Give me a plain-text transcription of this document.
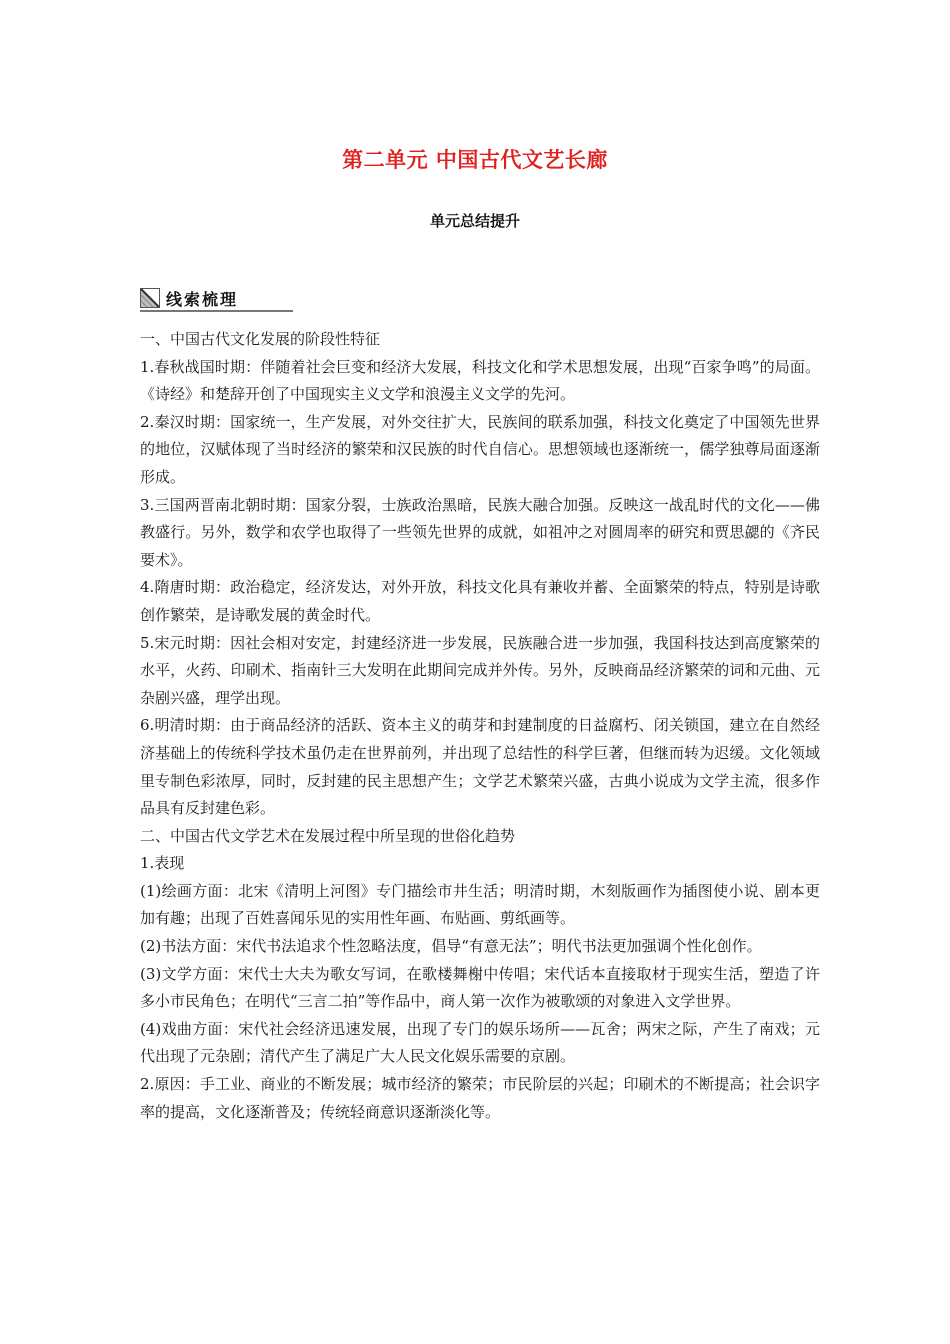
第二单元 中国古代文艺长廊
单元总结提升
线索梳理

一、中国古代文化发展的阶段性特征

1.春秋战国时期：伴随着社会巨变和经济大发展，科技文化和学术思想发展，出现“百家争鸣”的局面。《诗经》和楚辞开创了中国现实主义文学和浪漫主义文学的先河。

2.秦汉时期：国家统一，生产发展，对外交往扩大，民族间的联系加强，科技文化奠定了中国领先世界的地位，汉赋体现了当时经济的繁荣和汉民族的时代自信心。思想领域也逐渐统一，儒学独尊局面逐渐形成。

3.三国两晋南北朝时期：国家分裂，士族政治黑暗，民族大融合加强。反映这一战乱时代的文化——佛教盛行。另外，数学和农学也取得了一些领先世界的成就，如祖冲之对圆周率的研究和贾思勰的《齐民要术》。

4.隋唐时期：政治稳定，经济发达，对外开放，科技文化具有兼收并蓄、全面繁荣的特点，特别是诗歌创作繁荣，是诗歌发展的黄金时代。

5.宋元时期：因社会相对安定，封建经济进一步发展，民族融合进一步加强，我国科技达到高度繁荣的水平，火药、印刷术、指南针三大发明在此期间完成并外传。另外，反映商品经济繁荣的词和元曲、元杂剧兴盛，理学出现。

6.明清时期：由于商品经济的活跃、资本主义的萌芽和封建制度的日益腐朽、闭关锁国，建立在自然经济基础上的传统科学技术虽仍走在世界前列，并出现了总结性的科学巨著，但继而转为迟缓。文化领域里专制色彩浓厚，同时，反封建的民主思想产生；文学艺术繁荣兴盛，古典小说成为文学主流，很多作品具有反封建色彩。

二、中国古代文学艺术在发展过程中所呈现的世俗化趋势

1.表现

(1)绘画方面：北宋《清明上河图》专门描绘市井生活；明清时期，木刻版画作为插图使小说、剧本更加有趣；出现了百姓喜闻乐见的实用性年画、布贴画、剪纸画等。

(2)书法方面：宋代书法追求个性忽略法度，倡导“有意无法”；明代书法更加强调个性化创作。

(3)文学方面：宋代士大夫为歌女写词，在歌楼舞榭中传唱；宋代话本直接取材于现实生活，塑造了许多小市民角色；在明代“三言二拍”等作品中，商人第一次作为被歌颂的对象进入文学世界。

(4)戏曲方面：宋代社会经济迅速发展，出现了专门的娱乐场所——瓦舍；两宋之际，产生了南戏；元代出现了元杂剧；清代产生了满足广大人民文化娱乐需要的京剧。

2.原因：手工业、商业的不断发展；城市经济的繁荣；市民阶层的兴起；印刷术的不断提高；社会识字率的提高，文化逐渐普及；传统轻商意识逐渐淡化等。
